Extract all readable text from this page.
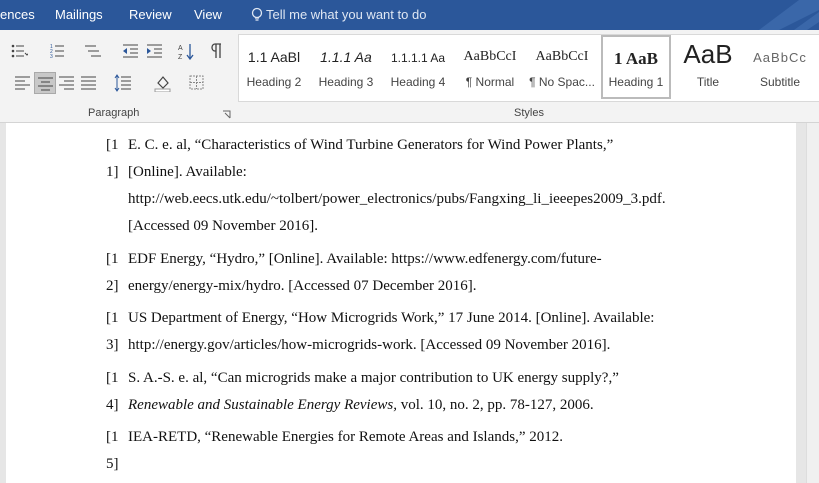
ences Mailings Review View	Tell me what you want to do
1
2
3
A
Z
Paragraph
1.1 AaBl
Heading 2
1.1.1 Aa
Heading 3
1.1.1.1 Aa
Heading 4
AaBbCcI
¶ Normal
AaBbCcI
¶ No Spac...
1 AaB
Heading 1
AaB
Title
AaBbCc
Subtitle
Styles
[1
1]
E. C. e. al, “Characteristics of Wind Turbine Generators for Wind Power Plants,”
[Online]. Available:
http://web.eecs.utk.edu/~tolbert/power_electronics/pubs/Fangxing_li_ieeepes2009_3.pdf.
[Accessed 09 November 2016].
[1
2]
EDF Energy, “Hydro,” [Online]. Available: https://www.edfenergy.com/future-
energy/energy-mix/hydro. [Accessed 07 December 2016].
[1
3]
US Department of Energy, “How Microgrids Work,” 17 June 2014. [Online]. Available:
http://energy.gov/articles/how-microgrids-work. [Accessed 09 November 2016].
[1
4]
S. A.-S. e. al, “Can microgrids make a major contribution to UK energy supply?,”
Renewable and Sustainable Energy Reviews, vol. 10, no. 2, pp. 78-127, 2006.
[1
5]
IEA-RETD, “Renewable Energies for Remote Areas and Islands,” 2012.
